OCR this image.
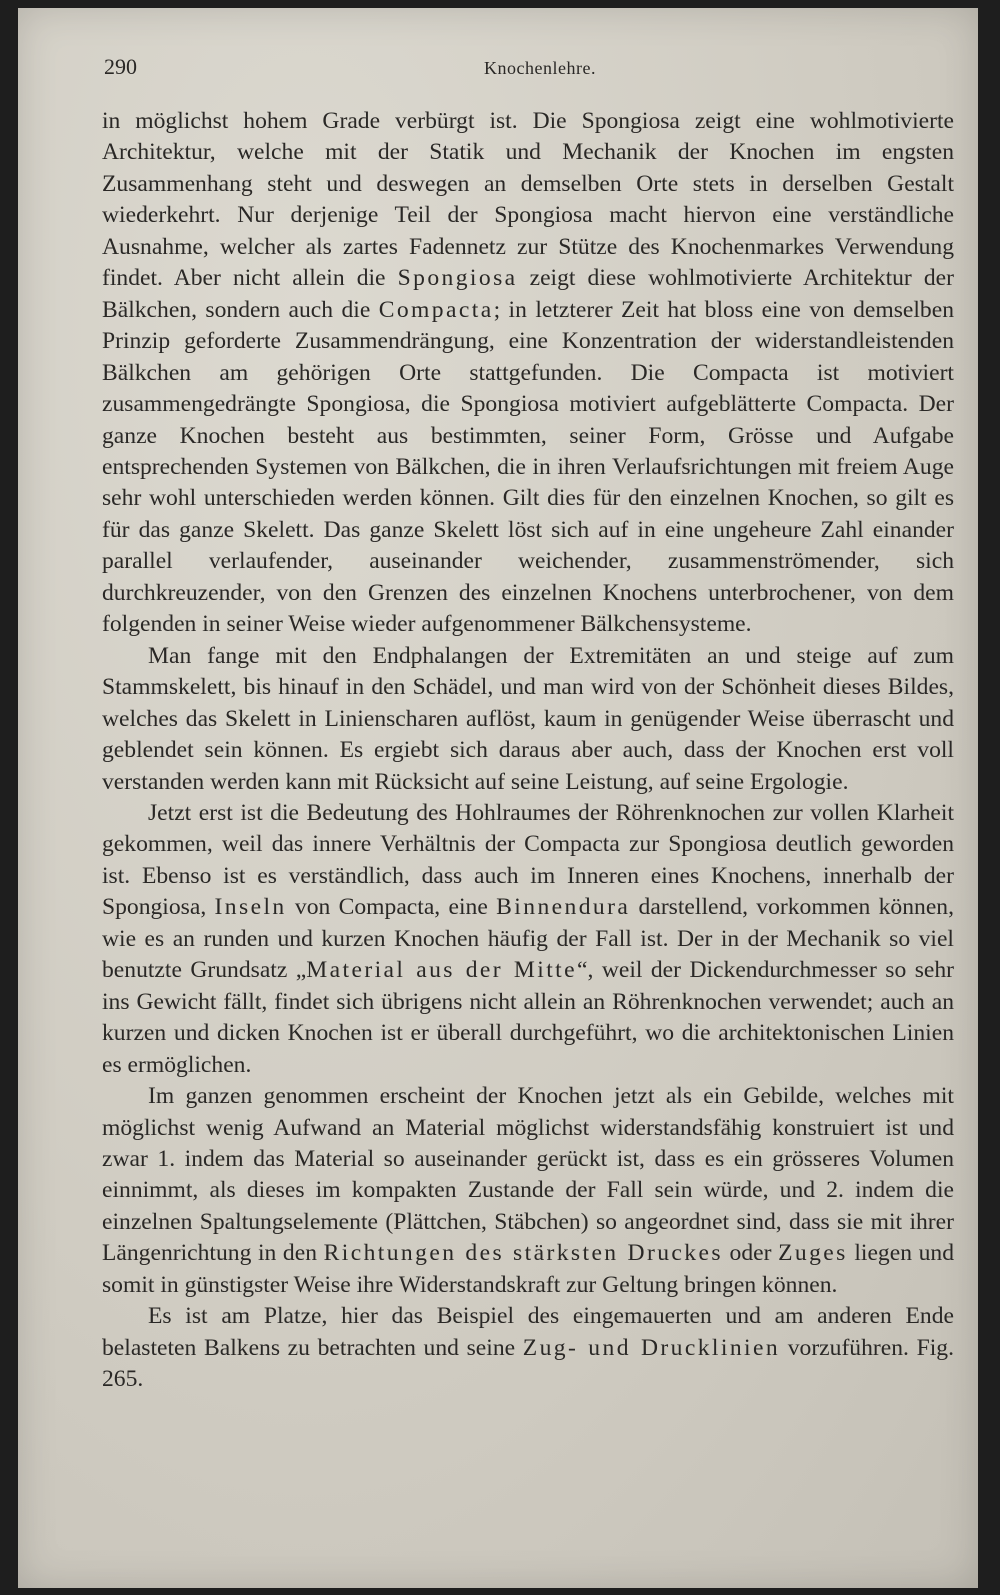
290	Knochenlehre.

in möglichst hohem Grade verbürgt ist. Die Spongiosa zeigt eine wohlmotivierte Architektur, welche mit der Statik und Mechanik der Knochen im engsten Zusammenhang steht und deswegen an demselben Orte stets in derselben Gestalt wiederkehrt. Nur derjenige Teil der Spongiosa macht hiervon eine verständliche Ausnahme, welcher als zartes Fadennetz zur Stütze des Knochenmarkes Verwendung findet. Aber nicht allein die Spongiosa zeigt diese wohlmotivierte Architektur der Bälkchen, sondern auch die Compacta; in letzterer Zeit hat bloss eine von demselben Prinzip geforderte Zusammendrängung, eine Konzentration der widerstandleistenden Bälkchen am gehörigen Orte stattgefunden. Die Compacta ist motiviert zusammengedrängte Spongiosa, die Spongiosa motiviert aufgeblätterte Compacta. Der ganze Knochen besteht aus bestimmten, seiner Form, Grösse und Aufgabe entsprechenden Systemen von Bälkchen, die in ihren Verlaufsrichtungen mit freiem Auge sehr wohl unterschieden werden können. Gilt dies für den einzelnen Knochen, so gilt es für das ganze Skelett. Das ganze Skelett löst sich auf in eine ungeheure Zahl einander parallel verlaufender, auseinander weichender, zusammenströmender, sich durchkreuzender, von den Grenzen des einzelnen Knochens unterbrochener, von dem folgenden in seiner Weise wieder aufgenommener Bälkchensysteme.

Man fange mit den Endphalangen der Extremitäten an und steige auf zum Stammskelett, bis hinauf in den Schädel, und man wird von der Schönheit dieses Bildes, welches das Skelett in Linienscharen auflöst, kaum in genügender Weise überrascht und geblendet sein können. Es ergiebt sich daraus aber auch, dass der Knochen erst voll verstanden werden kann mit Rücksicht auf seine Leistung, auf seine Ergologie.

Jetzt erst ist die Bedeutung des Hohlraumes der Röhrenknochen zur vollen Klarheit gekommen, weil das innere Verhältnis der Compacta zur Spongiosa deutlich geworden ist. Ebenso ist es verständlich, dass auch im Inneren eines Knochens, innerhalb der Spongiosa, Inseln von Compacta, eine Binnendura darstellend, vorkommen können, wie es an runden und kurzen Knochen häufig der Fall ist. Der in der Mechanik so viel benutzte Grundsatz „Material aus der Mitte“, weil der Dickendurchmesser so sehr ins Gewicht fällt, findet sich übrigens nicht allein an Röhrenknochen verwendet; auch an kurzen und dicken Knochen ist er überall durchgeführt, wo die architektonischen Linien es ermöglichen.

Im ganzen genommen erscheint der Knochen jetzt als ein Gebilde, welches mit möglichst wenig Aufwand an Material möglichst widerstandsfähig konstruiert ist und zwar 1. indem das Material so auseinander gerückt ist, dass es ein grösseres Volumen einnimmt, als dieses im kompakten Zustande der Fall sein würde, und 2. indem die einzelnen Spaltungselemente (Plättchen, Stäbchen) so angeordnet sind, dass sie mit ihrer Längenrichtung in den Richtungen des stärksten Druckes oder Zuges liegen und somit in günstigster Weise ihre Widerstandskraft zur Geltung bringen können.

Es ist am Platze, hier das Beispiel des eingemauerten und am anderen Ende belasteten Balkens zu betrachten und seine Zug- und Drucklinien vorzuführen. Fig. 265.
